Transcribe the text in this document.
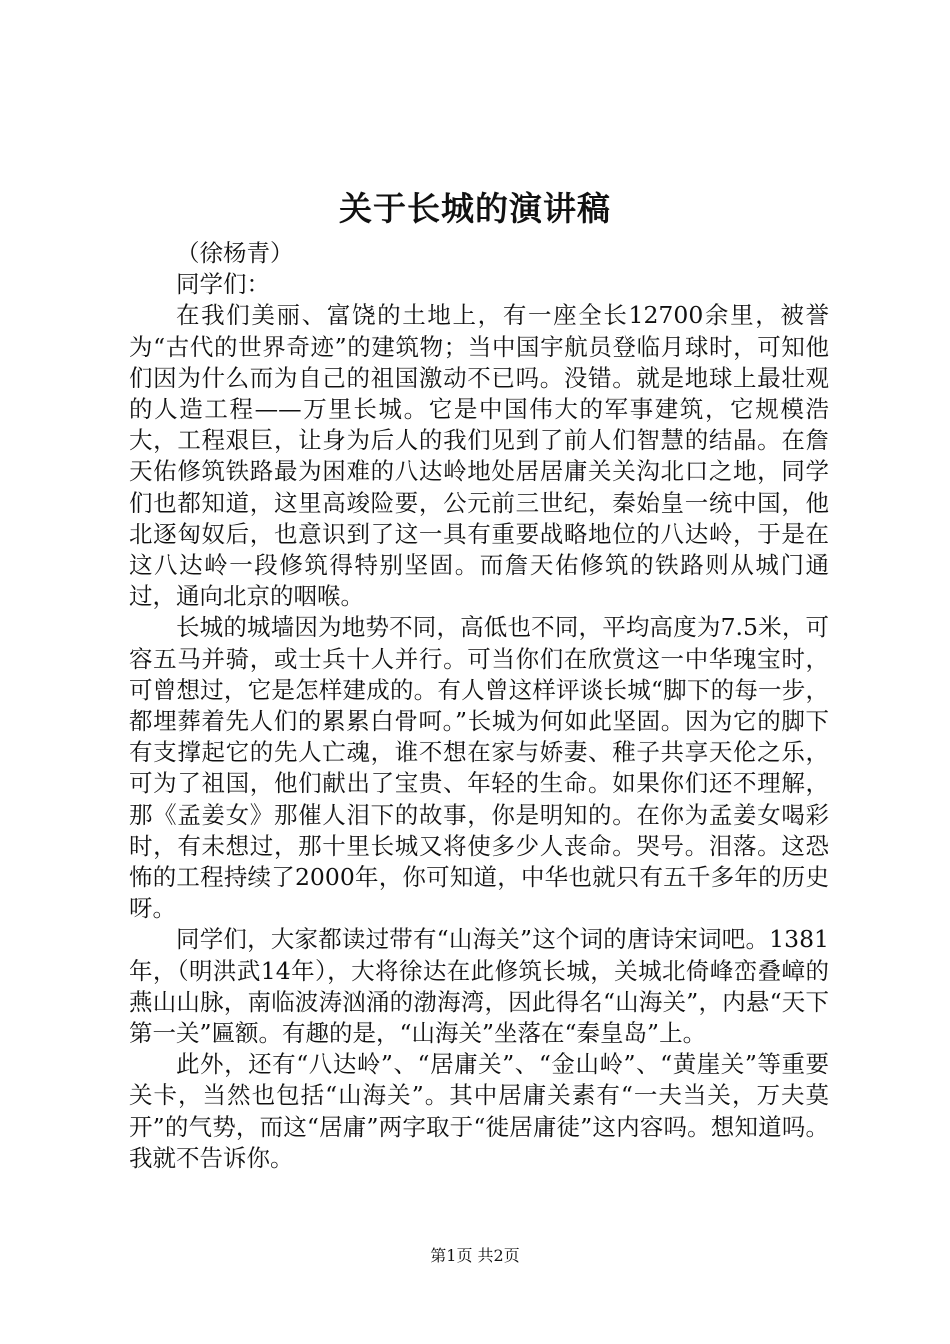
关于长城的演讲稿

（徐杨青）

同学们：

在我们美丽、富饶的土地上，有一座全长12700余里，被誉为“古代的世界奇迹”的建筑物；当中国宇航员登临月球时，可知他们因为什么而为自己的祖国激动不已吗。没错。就是地球上最壮观的人造工程——万里长城。它是中国伟大的军事建筑，它规模浩大，工程艰巨，让身为后人的我们见到了前人们智慧的结晶。在詹天佑修筑铁路最为困难的八达岭地处居居庸关关沟北口之地，同学们也都知道，这里高竣险要，公元前三世纪，秦始皇一统中国，他北逐匈奴后，也意识到了这一具有重要战略地位的八达岭，于是在这八达岭一段修筑得特别坚固。而詹天佑修筑的铁路则从城门通过，通向北京的咽喉。

长城的城墙因为地势不同，高低也不同，平均高度为7.5米，可容五马并骑，或士兵十人并行。可当你们在欣赏这一中华瑰宝时，可曾想过，它是怎样建成的。有人曾这样评谈长城“脚下的每一步，都埋葬着先人们的累累白骨呵。”长城为何如此坚固。因为它的脚下有支撑起它的先人亡魂，谁不想在家与娇妻、稚子共享天伦之乐，可为了祖国，他们献出了宝贵、年轻的生命。如果你们还不理解，那《孟姜女》那催人泪下的故事，你是明知的。在你为孟姜女喝彩时，有未想过，那十里长城又将使多少人丧命。哭号。泪落。这恐怖的工程持续了2000年，你可知道，中华也就只有五千多年的历史呀。

同学们，大家都读过带有“山海关”这个词的唐诗宋词吧。1381年，（明洪武14年），大将徐达在此修筑长城，关城北倚峰峦叠嶂的燕山山脉，南临波涛汹涌的渤海湾，因此得名“山海关”，内悬“天下第一关”匾额。有趣的是，“山海关”坐落在“秦皇岛”上。

此外，还有“八达岭”、“居庸关”、“金山岭”、“黄崖关”等重要关卡，当然也包括“山海关”。其中居庸关素有“一夫当关，万夫莫开”的气势，而这“居庸”两字取于“徙居庸徒”这内容吗。想知道吗。我就不告诉你。

第1页 共2页
